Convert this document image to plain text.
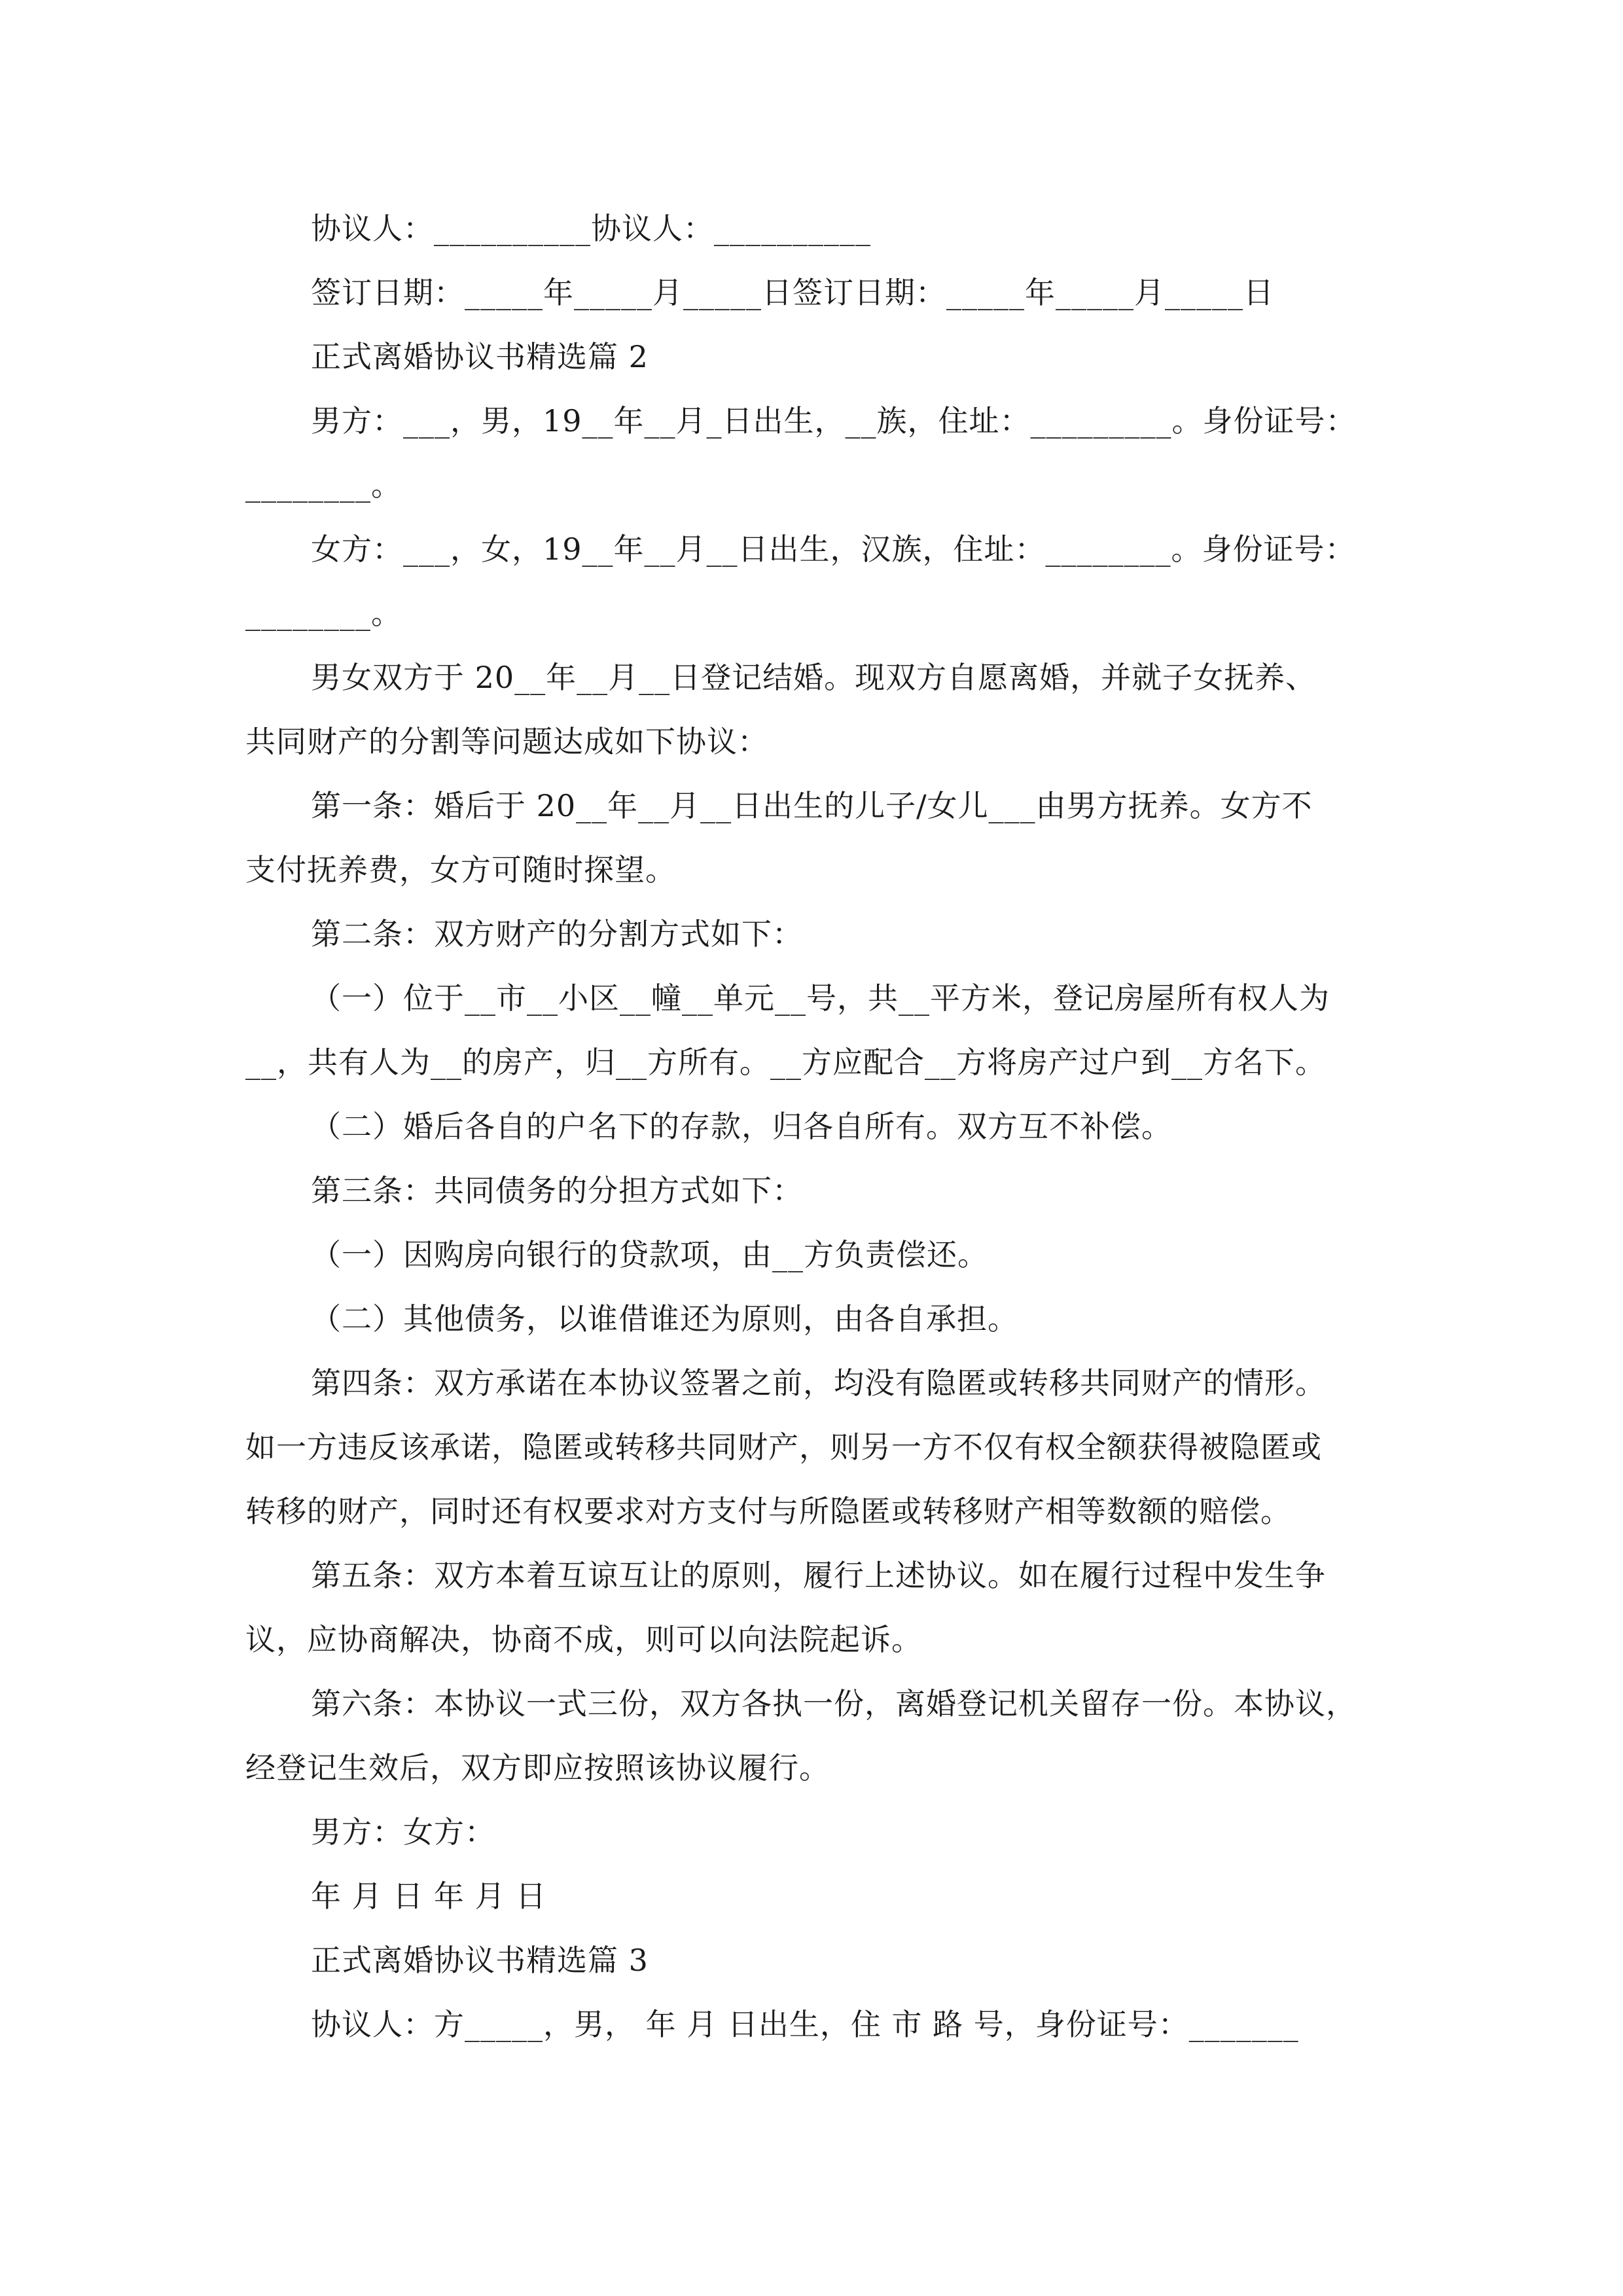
协议人：__________协议人：__________

签订日期：_____年_____月_____日签订日期：_____年_____月_____日

正式离婚协议书精选篇 2

男方：___，男，19__年__月_日出生，__族，住址：_________。身份证号：

________。

女方：___，女，19__年__月__日出生，汉族，住址：________。身份证号：

________。

男女双方于 20__年__月__日登记结婚。现双方自愿离婚，并就子女抚养、

共同财产的分割等问题达成如下协议：

第一条：婚后于 20__年__月__日出生的儿子/女儿___由男方抚养。女方不

支付抚养费，女方可随时探望。

第二条：双方财产的分割方式如下：

（一）位于__市__小区__幢__单元__号，共__平方米，登记房屋所有权人为

__，共有人为__的房产，归__方所有。__方应配合__方将房产过户到__方名下。

（二）婚后各自的户名下的存款，归各自所有。双方互不补偿。

第三条：共同债务的分担方式如下：

（一）因购房向银行的贷款项，由__方负责偿还。

（二）其他债务，以谁借谁还为原则，由各自承担。

第四条：双方承诺在本协议签署之前，均没有隐匿或转移共同财产的情形。

如一方违反该承诺，隐匿或转移共同财产，则另一方不仅有权全额获得被隐匿或

转移的财产，同时还有权要求对方支付与所隐匿或转移财产相等数额的赔偿。

第五条：双方本着互谅互让的原则，履行上述协议。如在履行过程中发生争

议，应协商解决，协商不成，则可以向法院起诉。

第六条：本协议一式三份，双方各执一份，离婚登记机关留存一份。本协议，

经登记生效后，双方即应按照该协议履行。

男方：女方：

年 月 日 年 月 日

正式离婚协议书精选篇 3

协议人：方_____，男， 年 月 日出生，住 市 路 号，身份证号：_______
